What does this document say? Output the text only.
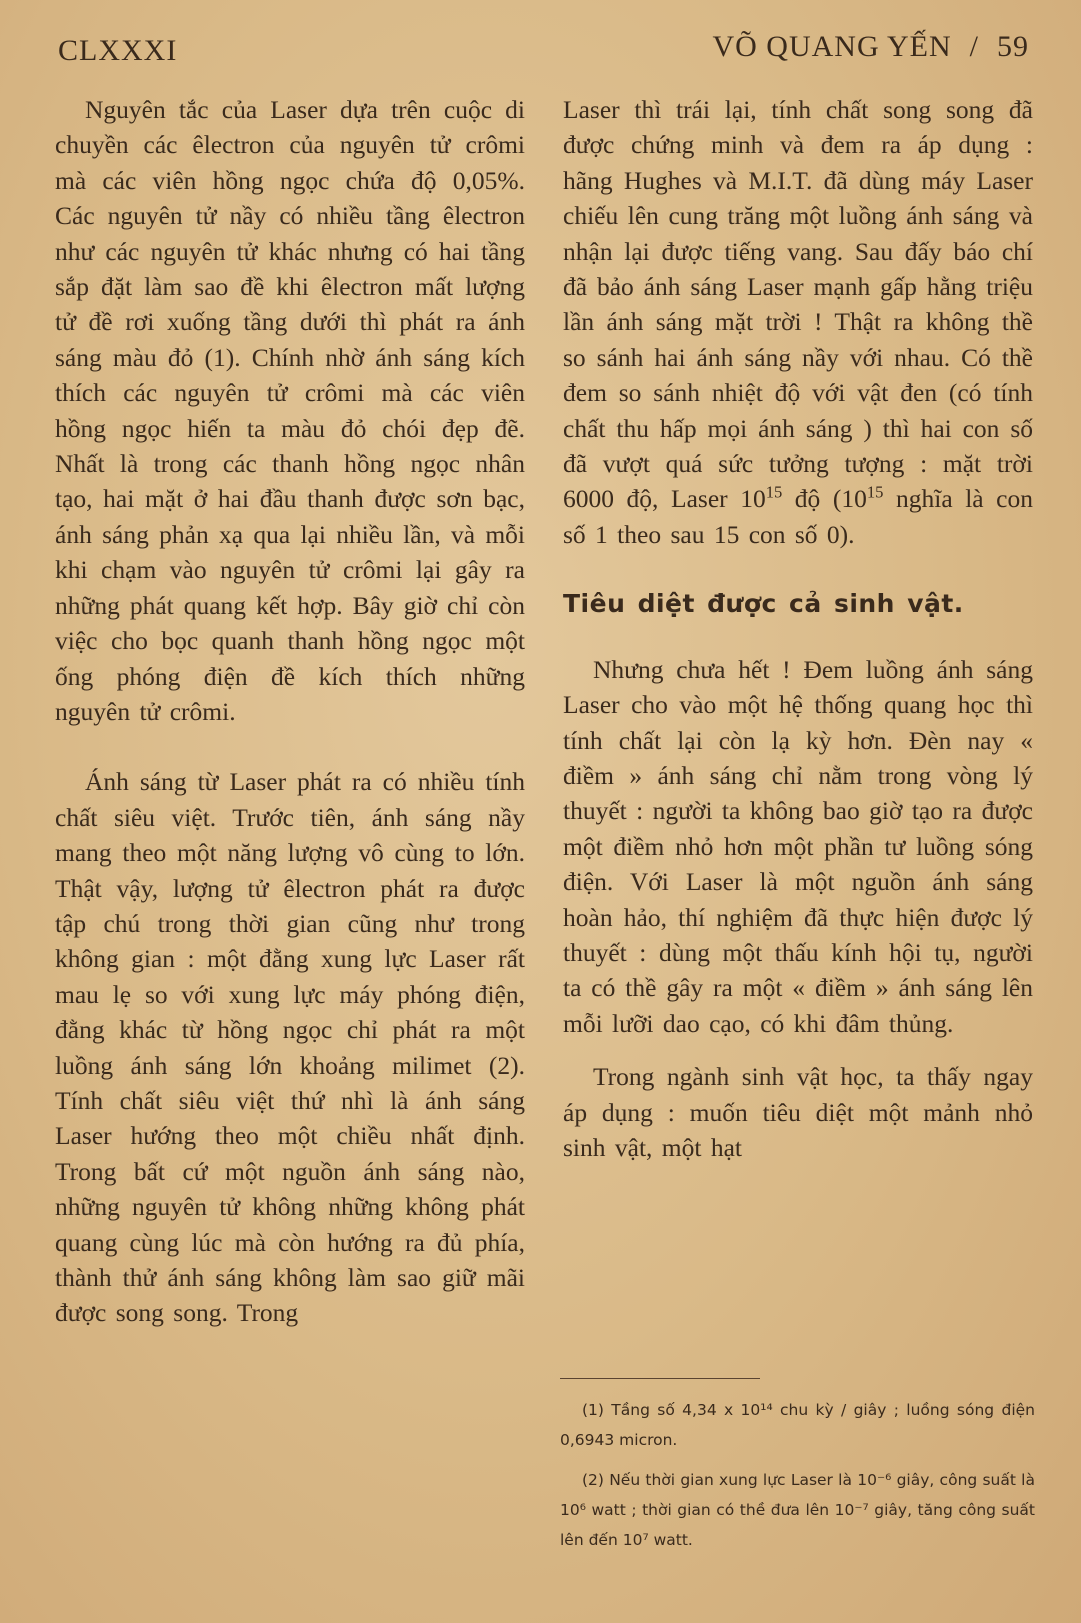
CLXXXI	VÕ QUANG YẾN / 59

Nguyên tắc của Laser dựa trên cuộc di chuyền các êlectron của nguyên tử crômi mà các viên hồng ngọc chứa độ 0,05%. Các nguyên tử nầy có nhiều tầng êlectron như các nguyên tử khác nhưng có hai tầng sắp đặt làm sao đề khi êlectron mất lượng tử đề rơi xuống tầng dưới thì phát ra ánh sáng màu đỏ (1). Chính nhờ ánh sáng kích thích các nguyên tử crômi mà các viên hồng ngọc hiến ta màu đỏ chói đẹp đẽ. Nhất là trong các thanh hồng ngọc nhân tạo, hai mặt ở hai đầu thanh được sơn bạc, ánh sáng phản xạ qua lại nhiều lần, và mỗi khi chạm vào nguyên tử crômi lại gây ra những phát quang kết hợp. Bây giờ chỉ còn việc cho bọc quanh thanh hồng ngọc một ống phóng điện đề kích thích những nguyên tử crômi.

Ánh sáng từ Laser phát ra có nhiều tính chất siêu việt. Trước tiên, ánh sáng nầy mang theo một năng lượng vô cùng to lớn. Thật vậy, lượng tử êlectron phát ra được tập chú trong thời gian cũng như trong không gian : một đằng xung lực Laser rất mau lẹ so với xung lực máy phóng điện, đằng khác từ hồng ngọc chỉ phát ra một luồng ánh sáng lớn khoảng milimet (2). Tính chất siêu việt thứ nhì là ánh sáng Laser hướng theo một chiều nhất định. Trong bất cứ một nguồn ánh sáng nào, những nguyên tử không những không phát quang cùng lúc mà còn hướng ra đủ phía, thành thử ánh sáng không làm sao giữ mãi được song song. Trong

Laser thì trái lại, tính chất song song đã được chứng minh và đem ra áp dụng : hãng Hughes và M.I.T. đã dùng máy Laser chiếu lên cung trăng một luồng ánh sáng và nhận lại được tiếng vang. Sau đấy báo chí đã bảo ánh sáng Laser mạnh gấp hằng triệu lần ánh sáng mặt trời ! Thật ra không thề so sánh hai ánh sáng nầy với nhau. Có thề đem so sánh nhiệt độ với vật đen (có tính chất thu hấp mọi ánh sáng ) thì hai con số đã vượt quá sức tưởng tượng : mặt trời 6000 độ, Laser $10^{15}$ độ ($10^{15}$ nghĩa là con số 1 theo sau 15 con số 0).

Tiêu diệt được cả sinh vật.

Nhưng chưa hết ! Đem luồng ánh sáng Laser cho vào một hệ thống quang học thì tính chất lại còn lạ kỳ hơn. Đèn nay « điềm » ánh sáng chỉ nằm trong vòng lý thuyết : người ta không bao giờ tạo ra được một điềm nhỏ hơn một phần tư luồng sóng điện. Với Laser là một nguồn ánh sáng hoàn hảo, thí nghiệm đã thực hiện được lý thuyết : dùng một thấu kính hội tụ, người ta có thề gây ra một « điềm » ánh sáng lên mỗi lưỡi dao cạo, có khi đâm thủng.

Trong ngành sinh vật học, ta thấy ngay áp dụng : muốn tiêu diệt một mảnh nhỏ sinh vật, một hạt

(1) Tầng số 4,34 x 10¹⁴ chu kỳ / giây ; luồng sóng điện 0,6943 micron.

(2) Nếu thời gian xung lực Laser là 10⁻⁶ giây, công suất là 10⁶ watt ; thời gian có thề đưa lên 10⁻⁷ giây, tăng công suất lên đến 10⁷ watt.
